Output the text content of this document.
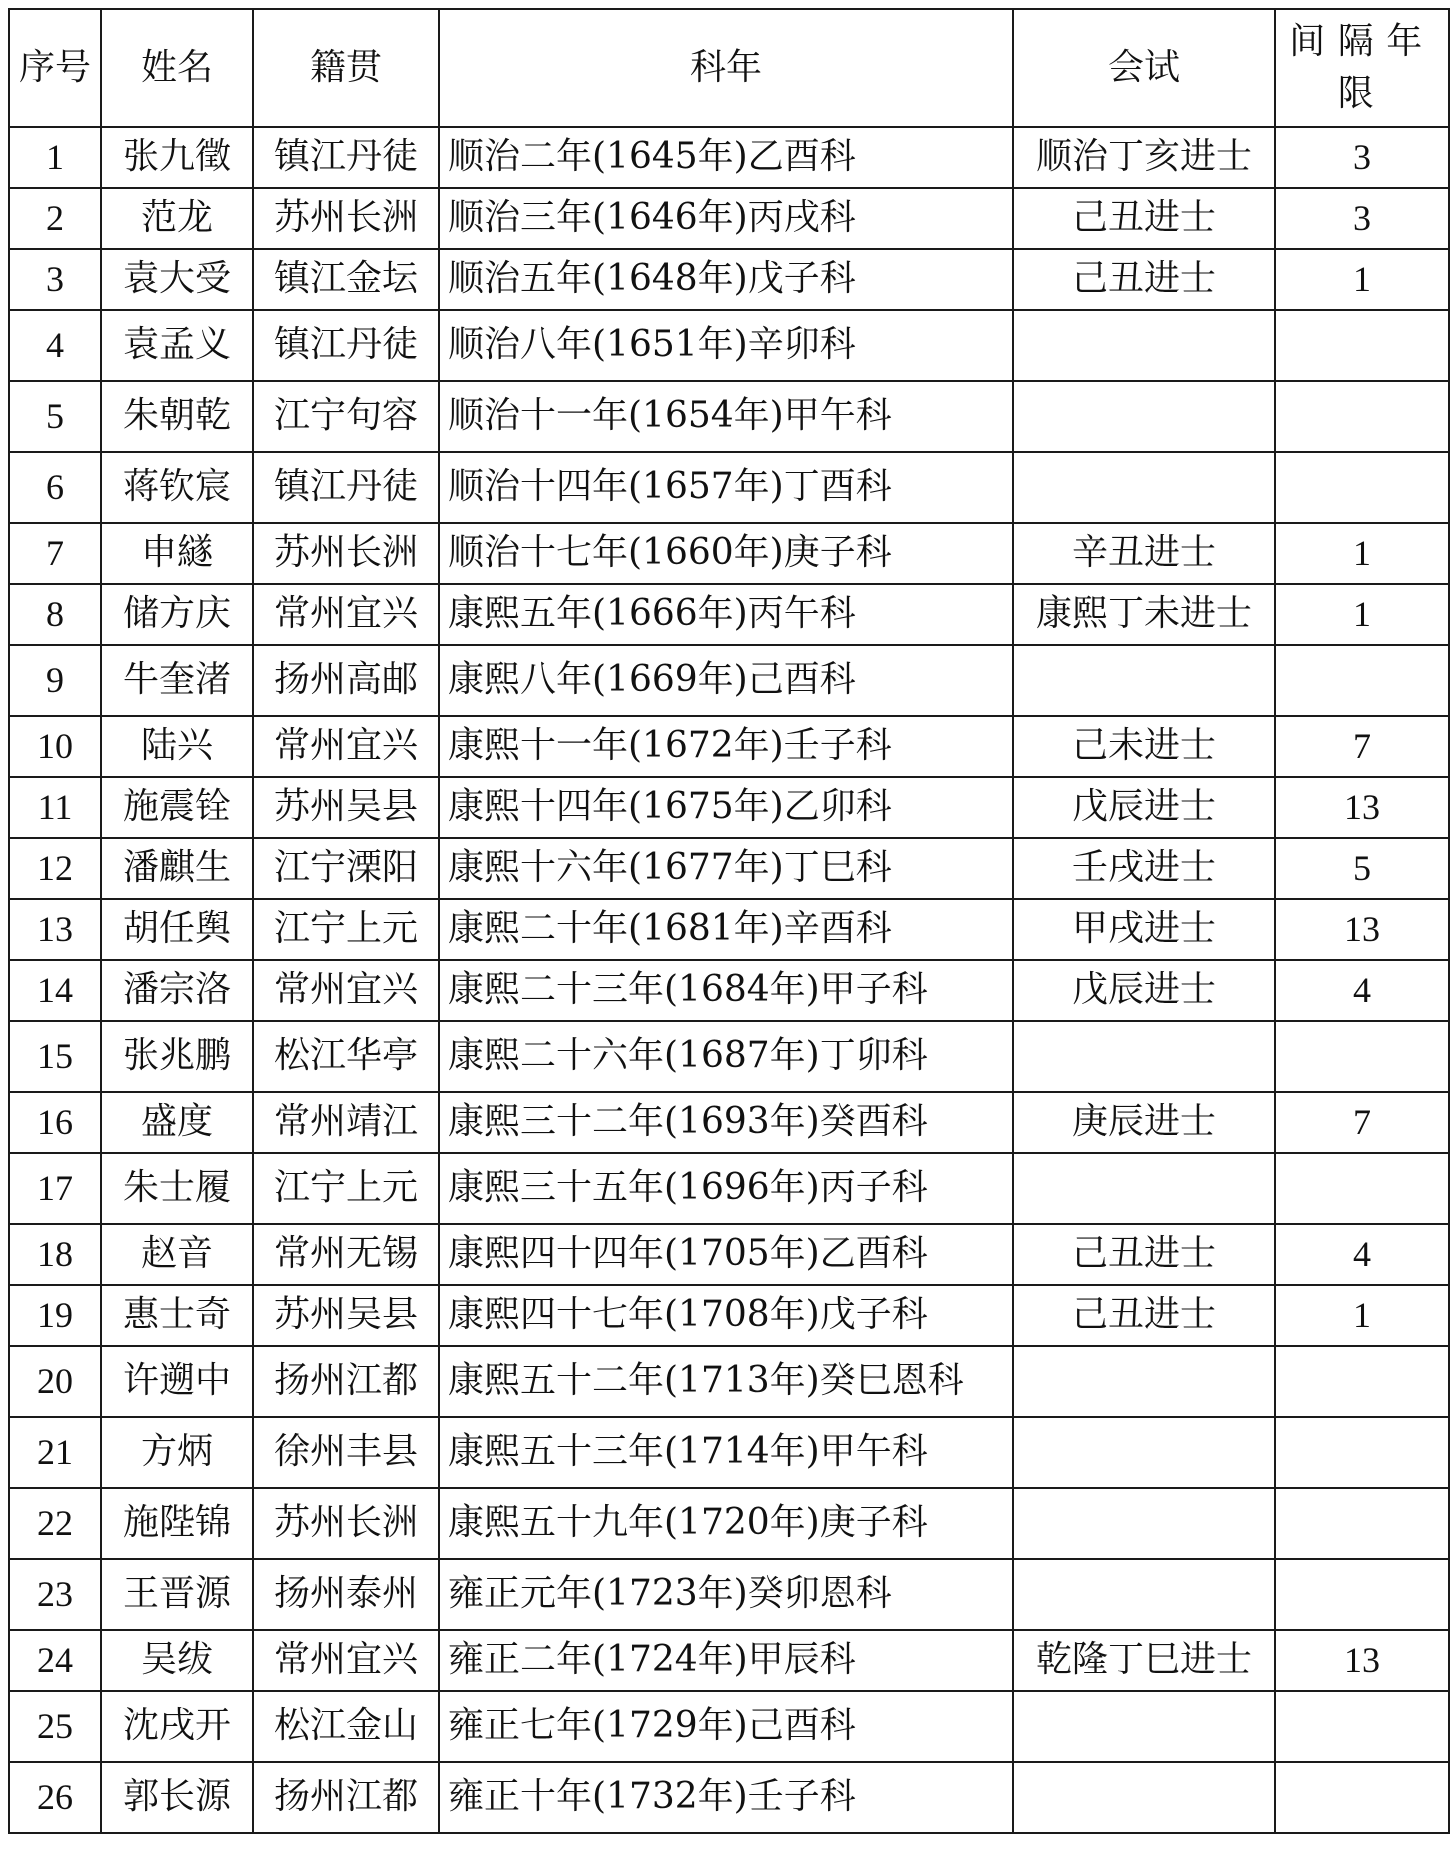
序号	姓名	籍贯	科年	会试	间隔年限
1	张九徵	镇江丹徒	顺治二年(1645年)乙酉科	顺治丁亥进士	3
2	范龙	苏州长洲	顺治三年(1646年)丙戌科	己丑进士	3
3	袁大受	镇江金坛	顺治五年(1648年)戊子科	己丑进士	1
4	袁孟义	镇江丹徒	顺治八年(1651年)辛卯科		
5	朱朝乾	江宁句容	顺治十一年(1654年)甲午科		
6	蒋钦宸	镇江丹徒	顺治十四年(1657年)丁酉科		
7	申繸	苏州长洲	顺治十七年(1660年)庚子科	辛丑进士	1
8	储方庆	常州宜兴	康熙五年(1666年)丙午科	康熙丁未进士	1
9	牛奎渚	扬州高邮	康熙八年(1669年)己酉科		
10	陆兴	常州宜兴	康熙十一年(1672年)壬子科	己未进士	7
11	施震铨	苏州吴县	康熙十四年(1675年)乙卯科	戊辰进士	13
12	潘麒生	江宁溧阳	康熙十六年(1677年)丁巳科	壬戌进士	5
13	胡任舆	江宁上元	康熙二十年(1681年)辛酉科	甲戌进士	13
14	潘宗洛	常州宜兴	康熙二十三年(1684年)甲子科	戊辰进士	4
15	张兆鹏	松江华亭	康熙二十六年(1687年)丁卯科		
16	盛度	常州靖江	康熙三十二年(1693年)癸酉科	庚辰进士	7
17	朱士履	江宁上元	康熙三十五年(1696年)丙子科		
18	赵音	常州无锡	康熙四十四年(1705年)乙酉科	己丑进士	4
19	惠士奇	苏州吴县	康熙四十七年(1708年)戊子科	己丑进士	1
20	许遡中	扬州江都	康熙五十二年(1713年)癸巳恩科		
21	方炳	徐州丰县	康熙五十三年(1714年)甲午科		
22	施陛锦	苏州长洲	康熙五十九年(1720年)庚子科		
23	王晋源	扬州泰州	雍正元年(1723年)癸卯恩科		
24	吴绂	常州宜兴	雍正二年(1724年)甲辰科	乾隆丁巳进士	13
25	沈戌开	松江金山	雍正七年(1729年)己酉科		
26	郭长源	扬州江都	雍正十年(1732年)壬子科		
